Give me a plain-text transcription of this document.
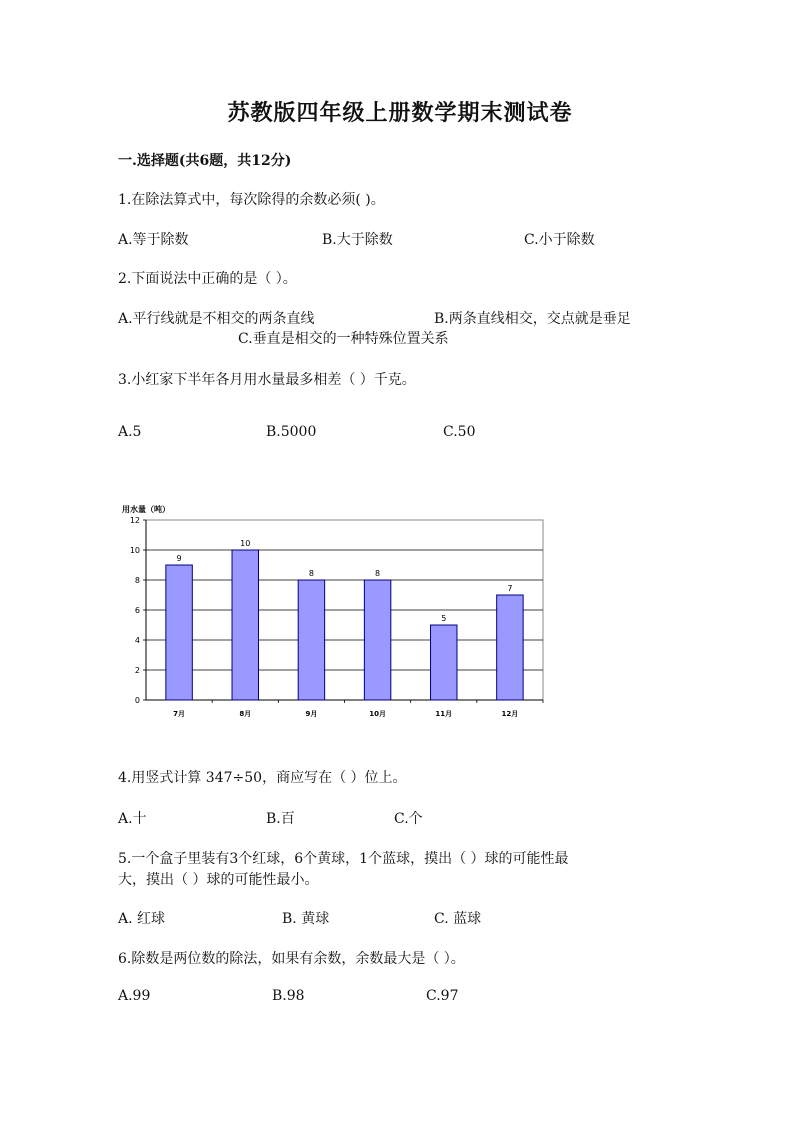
苏教版四年级上册数学期末测试卷
一.选择题(共6题，共12分)
1.在除法算式中，每次除得的余数必须( )。
A.等于除数	B.大于除数	C.小于除数
2.下面说法中正确的是（ ）。
A.平行线就是不相交的两条直线	B.两条直线相交，交点就是垂足
C.垂直是相交的一种特殊位置关系
3.小红家下半年各月用水量最多相差（ ）千克。
A.5	B.5000	C.50
用水量（吨）
0
2
4
6
8
10
12
9
7月
10
8月
8
9月
8
10月
5
11月
7
12月
4.用竖式计算 347÷50，商应写在（ ）位上。
A.十	B.百	C.个
5.一个盒子里装有3个红球，6个黄球，1个蓝球，摸出（ ）球的可能性最
大，摸出（ ）球的可能性最小。
A. 红球	B. 黄球	C. 蓝球
6.除数是两位数的除法，如果有余数，余数最大是（ ）。
A.99	B.98	C.97
